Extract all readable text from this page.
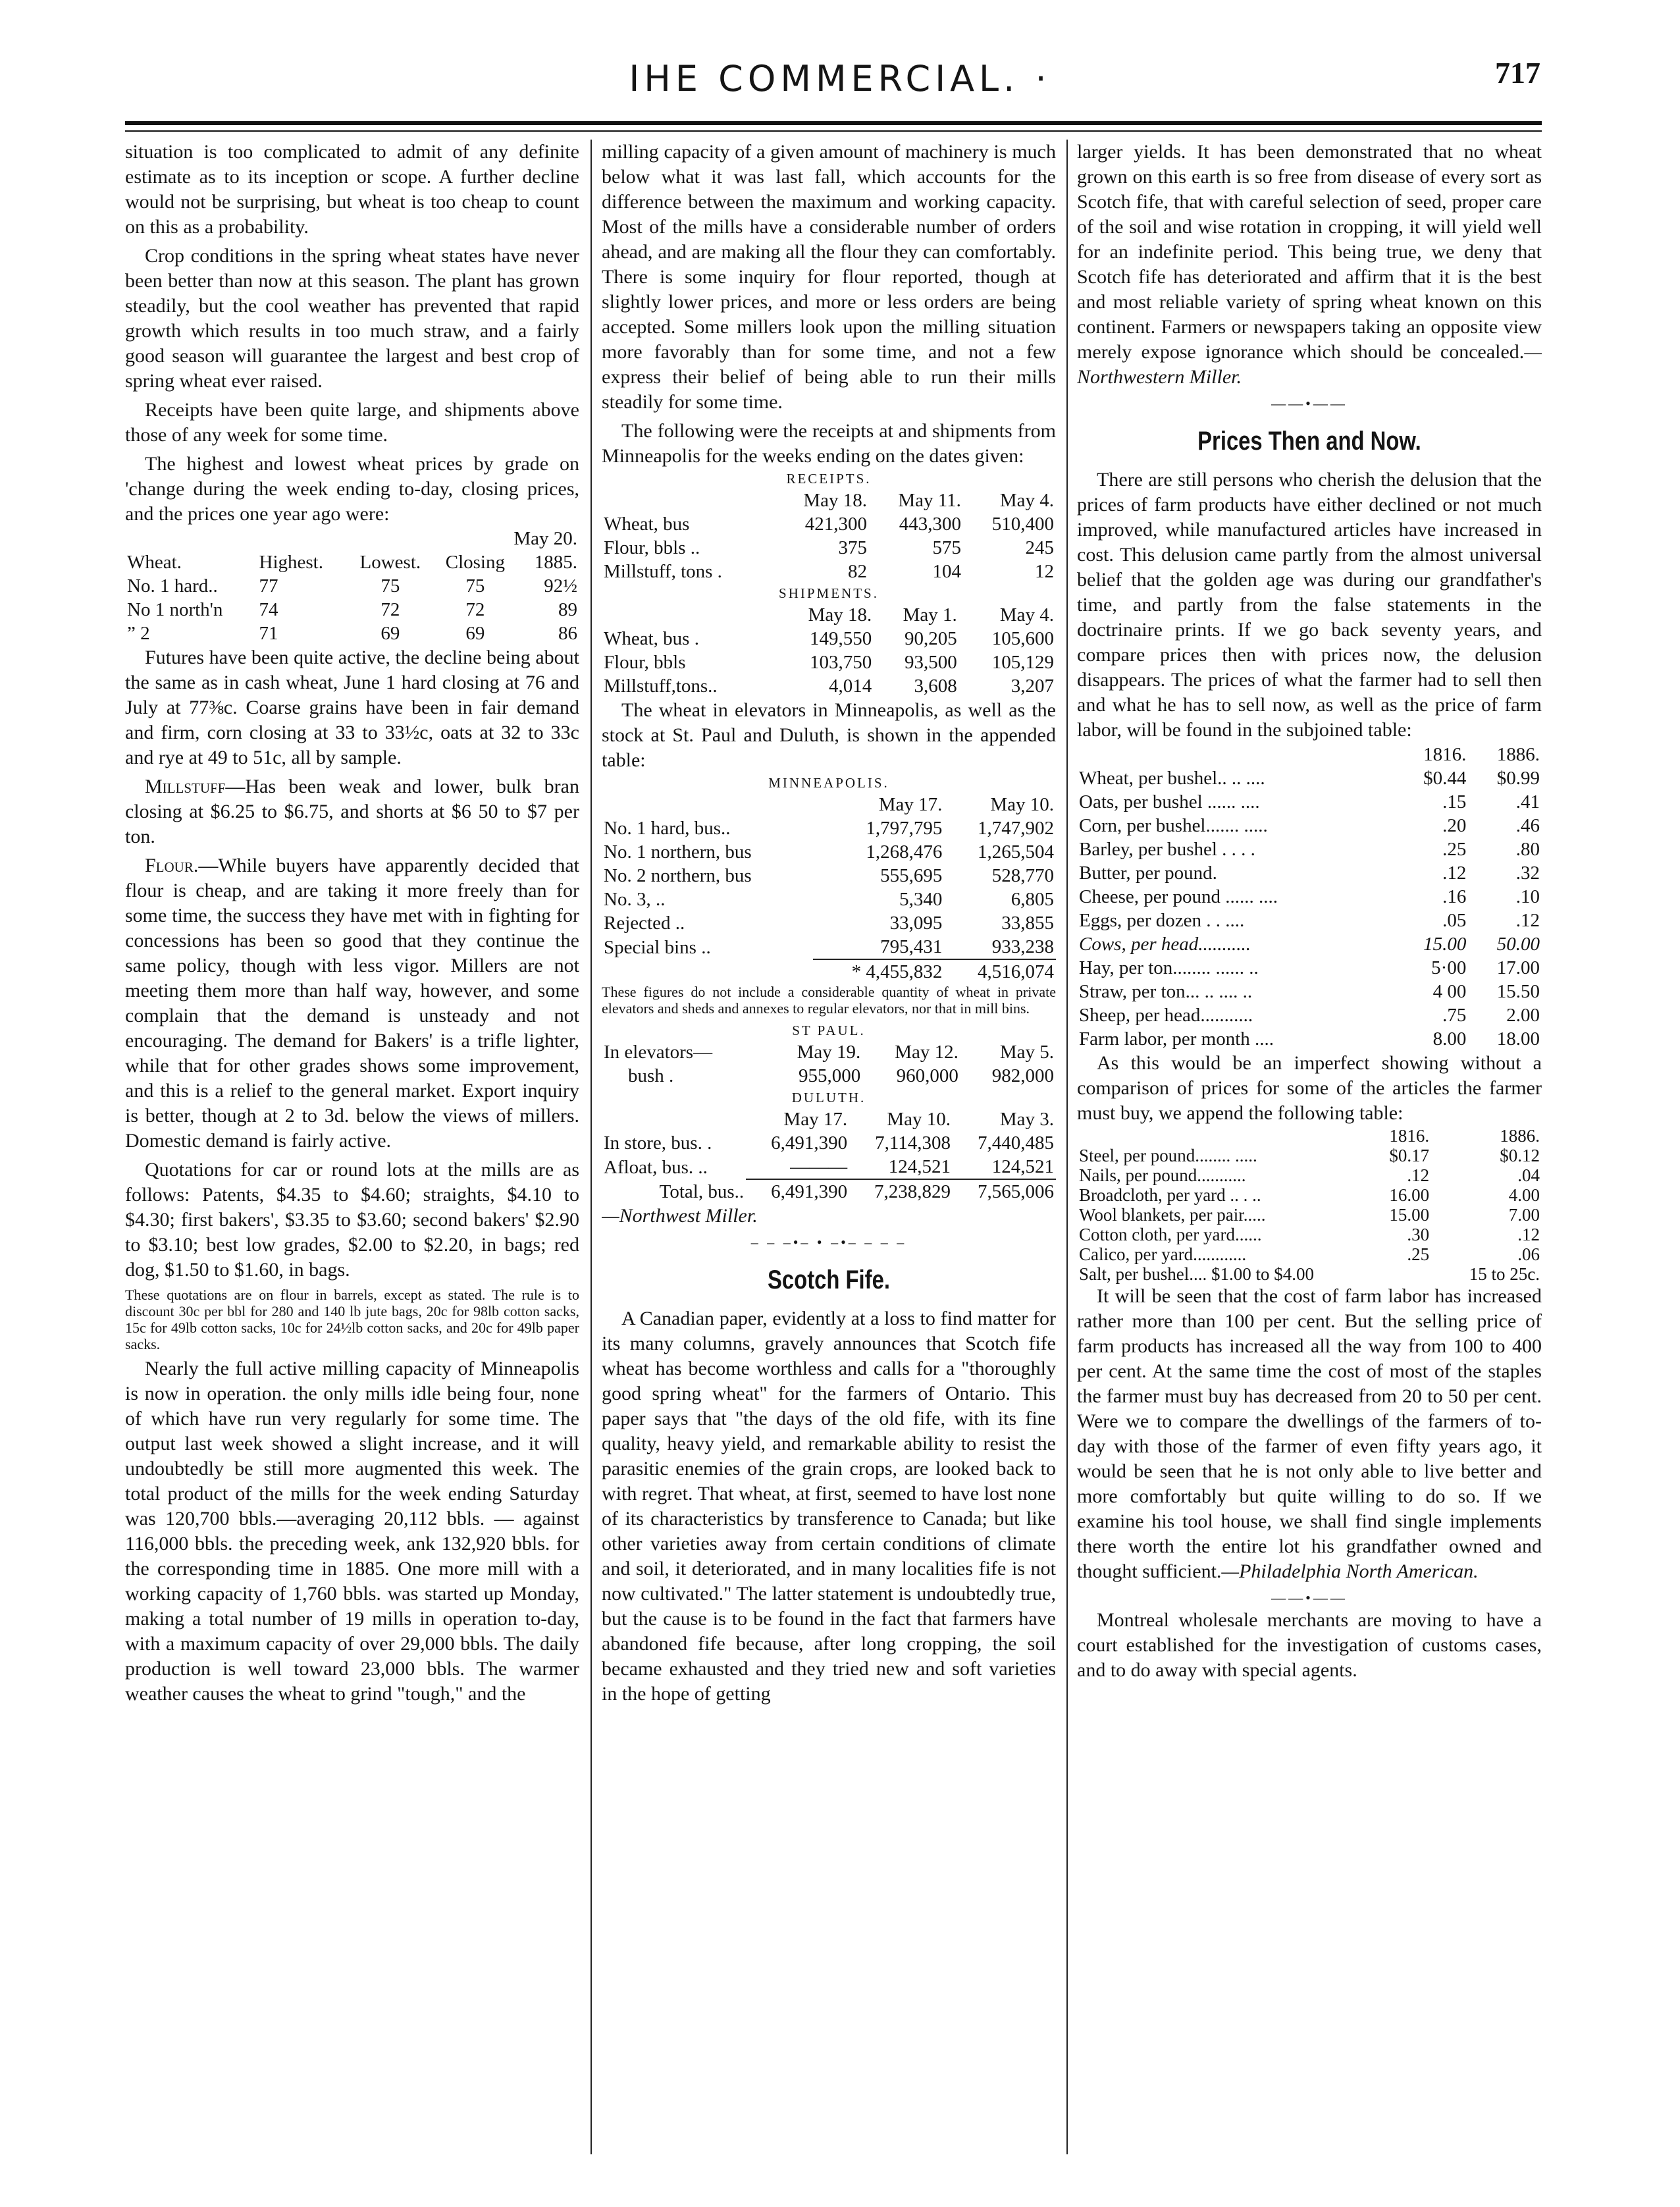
IHE COMMERCIAL. ·	717

situation is too complicated to admit of any definite estimate as to its inception or scope. A further decline would not be surprising, but wheat is too cheap to count on this as a probability.

Crop conditions in the spring wheat states have never been better than now at this season. The plant has grown steadily, but the cool weather has prevented that rapid growth which results in too much straw, and a fairly good season will guarantee the largest and best crop of spring wheat ever raised.

Receipts have been quite large, and shipments above those of any week for some time.

The highest and lowest wheat prices by grade on 'change during the week ending to-day, closing prices, and the prices one year ago were:

May 20.				
Wheat.	Highest.	Lowest.	Closing	1885.
No. 1 hard..	77	75	75	92½
No 1 north'n	74	72	72	89
” 2	71	69	69	86

Futures have been quite active, the decline being about the same as in cash wheat, June 1 hard closing at 76 and July at 77⅜c. Coarse grains have been in fair demand and firm, corn closing at 33 to 33½c, oats at 32 to 33c and rye at 49 to 51c, all by sample.

Millstuff—Has been weak and lower, bulk bran closing at $6.25 to $6.75, and shorts at $6 50 to $7 per ton.

Flour.—While buyers have apparently decided that flour is cheap, and are taking it more freely than for some time, the success they have met with in fighting for concessions has been so good that they continue the same policy, though with less vigor. Millers are not meeting them more than half way, however, and some complain that the demand is unsteady and not encouraging. The demand for Bakers' is a trifle lighter, while that for other grades shows some improvement, and this is a relief to the general market. Export inquiry is better, though at 2 to 3d. below the views of millers. Domestic demand is fairly active.

Quotations for car or round lots at the mills are as follows: Patents, $4.35 to $4.60; straights, $4.10 to $4.30; first bakers', $3.35 to $3.60; second bakers' $2.90 to $3.10; best low grades, $2.00 to $2.20, in bags; red dog, $1.50 to $1.60, in bags.

These quotations are on flour in barrels, except as stated. The rule is to discount 30c per bbl for 280 and 140 lb jute bags, 20c for 98lb cotton sacks, 15c for 49lb cotton sacks, 10c for 24½lb cotton sacks, and 20c for 49lb paper sacks.

Nearly the full active milling capacity of Minneapolis is now in operation. the only mills idle being four, none of which have run very regularly for some time. The output last week showed a slight increase, and it will undoubtedly be still more augmented this week. The total product of the mills for the week ending Saturday was 120,700 bbls.—averaging 20,112 bbls. — against 116,000 bbls. the preceding week, ank 132,920 bbls. for the corresponding time in 1885. One more mill with a working capacity of 1,760 bbls. was started up Monday, making a total number of 19 mills in operation to-day, with a maximum capacity of over 29,000 bbls. The daily production is well toward 23,000 bbls. The warmer weather causes the wheat to grind "tough," and the

milling capacity of a given amount of machinery is much below what it was last fall, which accounts for the difference between the maximum and working capacity. Most of the mills have a considerable number of orders ahead, and are making all the flour they can comfortably. There is some inquiry for flour reported, though at slightly lower prices, and more or less orders are being accepted. Some millers look upon the milling situation more favorably than for some time, and not a few express their belief of being able to run their mills steadily for some time.

The following were the receipts at and shipments from Minneapolis for the weeks ending on the dates given:

RECEIPTS.
	May 18.	May 11.	May 4.
Wheat, bus	421,300	443,300	510,400
Flour, bbls ..	375	575	245
Millstuff, tons .	82	104	12
SHIPMENTS.
	May 18.	May 1.	May 4.
Wheat, bus .	149,550	90,205	105,600
Flour, bbls	103,750	93,500	105,129
Millstuff,tons..	4,014	3,608	3,207

The wheat in elevators in Minneapolis, as well as the stock at St. Paul and Duluth, is shown in the appended table:

MINNEAPOLIS.
	May 17.	May 10.
No. 1 hard, bus..	1,797,795	1,747,902
No. 1 northern, bus	1,268,476	1,265,504
No. 2 northern, bus	555,695	528,770
No. 3, ..	5,340	6,805
Rejected ..	33,095	33,855
Special bins ..	795,431	933,238
	* 4,455,832	4,516,074

These figures do not include a considerable quantity of wheat in private elevators and sheds and annexes to regular elevators, nor that in mill bins.

ST PAUL.
In elevators—	May 19.	May 12.	May 5.
bush .	955,000	960,000	982,000
DULUTH.
	May 17.	May 10.	May 3.
In store, bus. .	6,491,390	7,114,308	7,440,485
Afloat, bus. ..	———	124,521	124,521
Total, bus..	6,491,390	7,238,829	7,565,006

—Northwest Miller.

– – –•– • –•– – – –
Scotch Fife.

A Canadian paper, evidently at a loss to find matter for its many columns, gravely announces that Scotch fife wheat has become worthless and calls for a "thoroughly good spring wheat" for the farmers of Ontario. This paper says that "the days of the old fife, with its fine quality, heavy yield, and remarkable ability to resist the parasitic enemies of the grain crops, are looked back to with regret. That wheat, at first, seemed to have lost none of its characteristics by transference to Canada; but like other varieties away from certain conditions of climate and soil, it deteriorated, and in many localities fife is not now cultivated." The latter statement is undoubtedly true, but the cause is to be found in the fact that farmers have abandoned fife because, after long cropping, the soil became exhausted and they tried new and soft varieties in the hope of getting

larger yields. It has been demonstrated that no wheat grown on this earth is so free from disease of every sort as Scotch fife, that with careful selection of seed, proper care of the soil and wise rotation in cropping, it will yield well for an indefinite period. This being true, we deny that Scotch fife has deteriorated and affirm that it is the best and most reliable variety of spring wheat known on this continent. Farmers or newspapers taking an opposite view merely expose ignorance which should be concealed.—Northwestern Miller.

——•——
Prices Then and Now.

There are still persons who cherish the delusion that the prices of farm products have either declined or not much improved, while manufactured articles have increased in cost. This delusion came partly from the almost universal belief that the golden age was during our grandfather's time, and partly from the false statements in the doctrinaire prints. If we go back seventy years, and compare prices then with prices now, the delusion disappears. The prices of what the farmer had to sell then and what he has to sell now, as well as the price of farm labor, will be found in the subjoined table:

	1816.	1886.
Wheat, per bushel.. .. ....	$0.44	$0.99
Oats, per bushel ...... ....	.15	.41
Corn, per bushel....... .....	.20	.46
Barley, per bushel . . . .	.25	.80
Butter, per pound.	.12	.32
Cheese, per pound ...... ....	.16	.10
Eggs, per dozen . . ....	.05	.12
Cows, per head...........	15.00	50.00
Hay, per ton........ ...... ..	5·00	17.00
Straw, per ton... .. .... ..	4 00	15.50
Sheep, per head...........	.75	2.00
Farm labor, per month ....	8.00	18.00

As this would be an imperfect showing without a comparison of prices for some of the articles the farmer must buy, we append the following table:

	1816.	1886.
Steel, per pound........ .....	$0.17	$0.12
Nails, per pound...........	.12	.04
Broadcloth, per yard .. . ..	16.00	4.00
Wool blankets, per pair.....	15.00	7.00
Cotton cloth, per yard......	.30	.12
Calico, per yard............	.25	.06
Salt, per bushel.... $1.00 to $4.00		15 to 25c.

It will be seen that the cost of farm labor has increased rather more than 100 per cent. But the selling price of farm products has increased all the way from 100 to 400 per cent. At the same time the cost of most of the staples the farmer must buy has decreased from 20 to 50 per cent. Were we to compare the dwellings of the farmers of to-day with those of the farmer of even fifty years ago, it would be seen that he is not only able to live better and more comfortably but quite willing to do so. If we examine his tool house, we shall find single implements there worth the entire lot his grandfather owned and thought sufficient.—Philadelphia North American.

——•——

Montreal wholesale merchants are moving to have a court established for the investigation of customs cases, and to do away with special agents.
